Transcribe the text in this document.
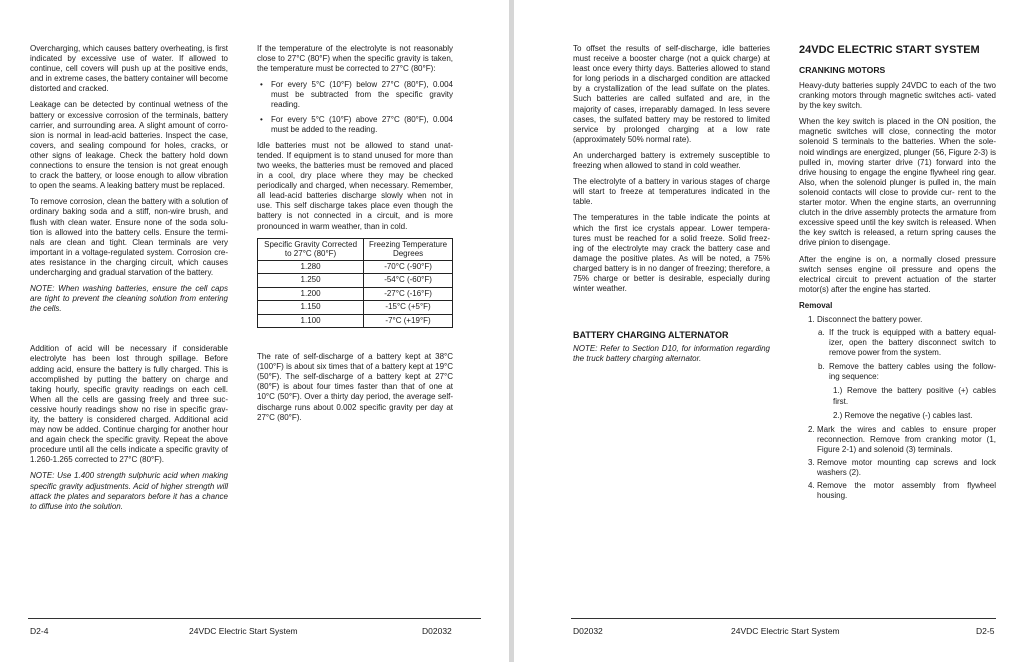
Overcharging, which causes battery overheating, is first indicated by excessive use of water. If allowed to continue, cell covers will push up at the positive ends, and in extreme cases, the battery container will become distorted and cracked.

Leakage can be detected by continual wetness of the battery or excessive corrosion of the terminals, battery carrier, and surrounding area. A slight amount of corro- sion is normal in lead-acid batteries. Inspect the case, covers, and sealing compound for holes, cracks, or other signs of leakage. Check the battery hold down connections to ensure the tension is not great enough to crack the battery, or loose enough to allow vibration to open the seams. A leaking battery must be replaced.

To remove corrosion, clean the battery with a solution of ordinary baking soda and a stiff, non-wire brush, and flush with clean water. Ensure none of the soda solu- tion is allowed into the battery cells. Ensure the termi- nals are clean and tight. Clean terminals are very important in a voltage-regulated system. Corrosion cre- ates resistance in the charging circuit, which causes undercharging and gradual starvation of the battery.

NOTE: When washing batteries, ensure the cell caps are tight to prevent the cleaning solution from entering the cells.

Addition of acid will be necessary if considerable electrolyte has been lost through spillage. Before adding acid, ensure the battery is fully charged. This is accomplished by putting the battery on charge and taking hourly, specific gravity readings on each cell. When all the cells are gassing freely and three suc- cessive hourly readings show no rise in specific grav- ity, the battery is considered charged. Additional acid may now be added. Continue charging for another hour and again check the specific gravity. Repeat the above procedure until all the cells indicate a specific gravity of 1.260-1.265 corrected to 27°C (80°F).

NOTE: Use 1.400 strength sulphuric acid when making specific gravity adjustments. Acid of higher strength will attack the plates and separators before it has a chance to diffuse into the solution.

If the temperature of the electrolyte is not reasonably close to 27°C (80°F) when the specific gravity is taken, the temperature must be corrected to 27°C (80°F):

• For every 5°C (10°F) below 27°C (80°F), 0.004 must be subtracted from the specific gravity reading.
• For every 5°C (10°F) above 27°C (80°F), 0.004 must be added to the reading.

Idle batteries must not be allowed to stand unat- tended. If equipment is to stand unused for more than two weeks, the batteries must be removed and placed in a cool, dry place where they may be checked periodically and charged, when necessary. Remember, all lead-acid batteries discharge slowly when not in use. This self discharge takes place even though the battery is not connected in a circuit, and is more pronounced in warm weather, than in cold.

Specific Gravity Corrected to 27°C (80°F)	Freezing Temperature Degrees
1.280	-70°C (-90°F)
1.250	-54°C (-60°F)
1.200	-27°C (-16°F)
1.150	-15°C (+5°F)
1.100	-7°C (+19°F)

The rate of self-discharge of a battery kept at 38°C (100°F) is about six times that of a battery kept at 19°C (50°F). The self-discharge of a battery kept at 27°C (80°F) is about four times faster than that of one at 10°C (50°F). Over a thirty day period, the average self-discharge runs about 0.002 specific gravity per day at 27°C (80°F).

D2-4	24VDC Electric Start System	D02032

To offset the results of self-discharge, idle batteries must receive a booster charge (not a quick charge) at least once every thirty days. Batteries allowed to stand for long periods in a discharged condition are attacked by a crystallization of the lead sulfate on the plates. Such batteries are called sulfated and are, in the majority of cases, irreparably damaged. In less severe cases, the sulfated battery may be restored to limited service by prolonged charging at a low rate (approximately 50% normal rate).

An undercharged battery is extremely susceptible to freezing when allowed to stand in cold weather.

The electrolyte of a battery in various stages of charge will start to freeze at temperatures indicated in the table.

The temperatures in the table indicate the points at which the first ice crystals appear. Lower tempera- tures must be reached for a solid freeze. Solid freez- ing of the electrolyte may crack the battery case and damage the positive plates. As will be noted, a 75% charged battery is in no danger of freezing; therefore, a 75% charge or better is desirable, especially during winter weather.

BATTERY CHARGING ALTERNATOR

NOTE: Refer to Section D10, for information regarding the truck battery charging alternator.

24VDC ELECTRIC START SYSTEM
CRANKING MOTORS

Heavy-duty batteries supply 24VDC to each of the two cranking motors through magnetic switches acti- vated by the key switch.

When the key switch is placed in the ON position, the magnetic switches will close, connecting the motor solenoid S terminals to the batteries. When the sole- noid windings are energized, plunger (56, Figure 2-3) is pulled in, moving starter drive (71) forward into the drive housing to engage the engine flywheel ring gear. Also, when the solenoid plunger is pulled in, the main solenoid contacts will close to provide cur- rent to the starter motor. When the engine starts, an overrunning clutch in the drive assembly protects the armature from excessive speed until the key switch is released. When the key switch is released, a return spring causes the drive pinion to disengage.

After the engine is on, a normally closed pressure switch senses engine oil pressure and opens the electrical circuit to prevent actuation of the starter motor(s) after the engine has started.

Removal
1. Disconnect the battery power.
a. If the truck is equipped with a battery equal- izer, open the battery disconnect switch to remove power from the system.
b. Remove the battery cables using the follow- ing sequence:
1.) Remove the battery positive (+) cables first.
2.) Remove the negative (-) cables last.
2. Mark the wires and cables to ensure proper reconnection. Remove from cranking motor (1, Figure 2-1) and solenoid (3) terminals.
3. Remove motor mounting cap screws and lock washers (2).
4. Remove the motor assembly from flywheel housing.
D02032	24VDC Electric Start System	D2-5
